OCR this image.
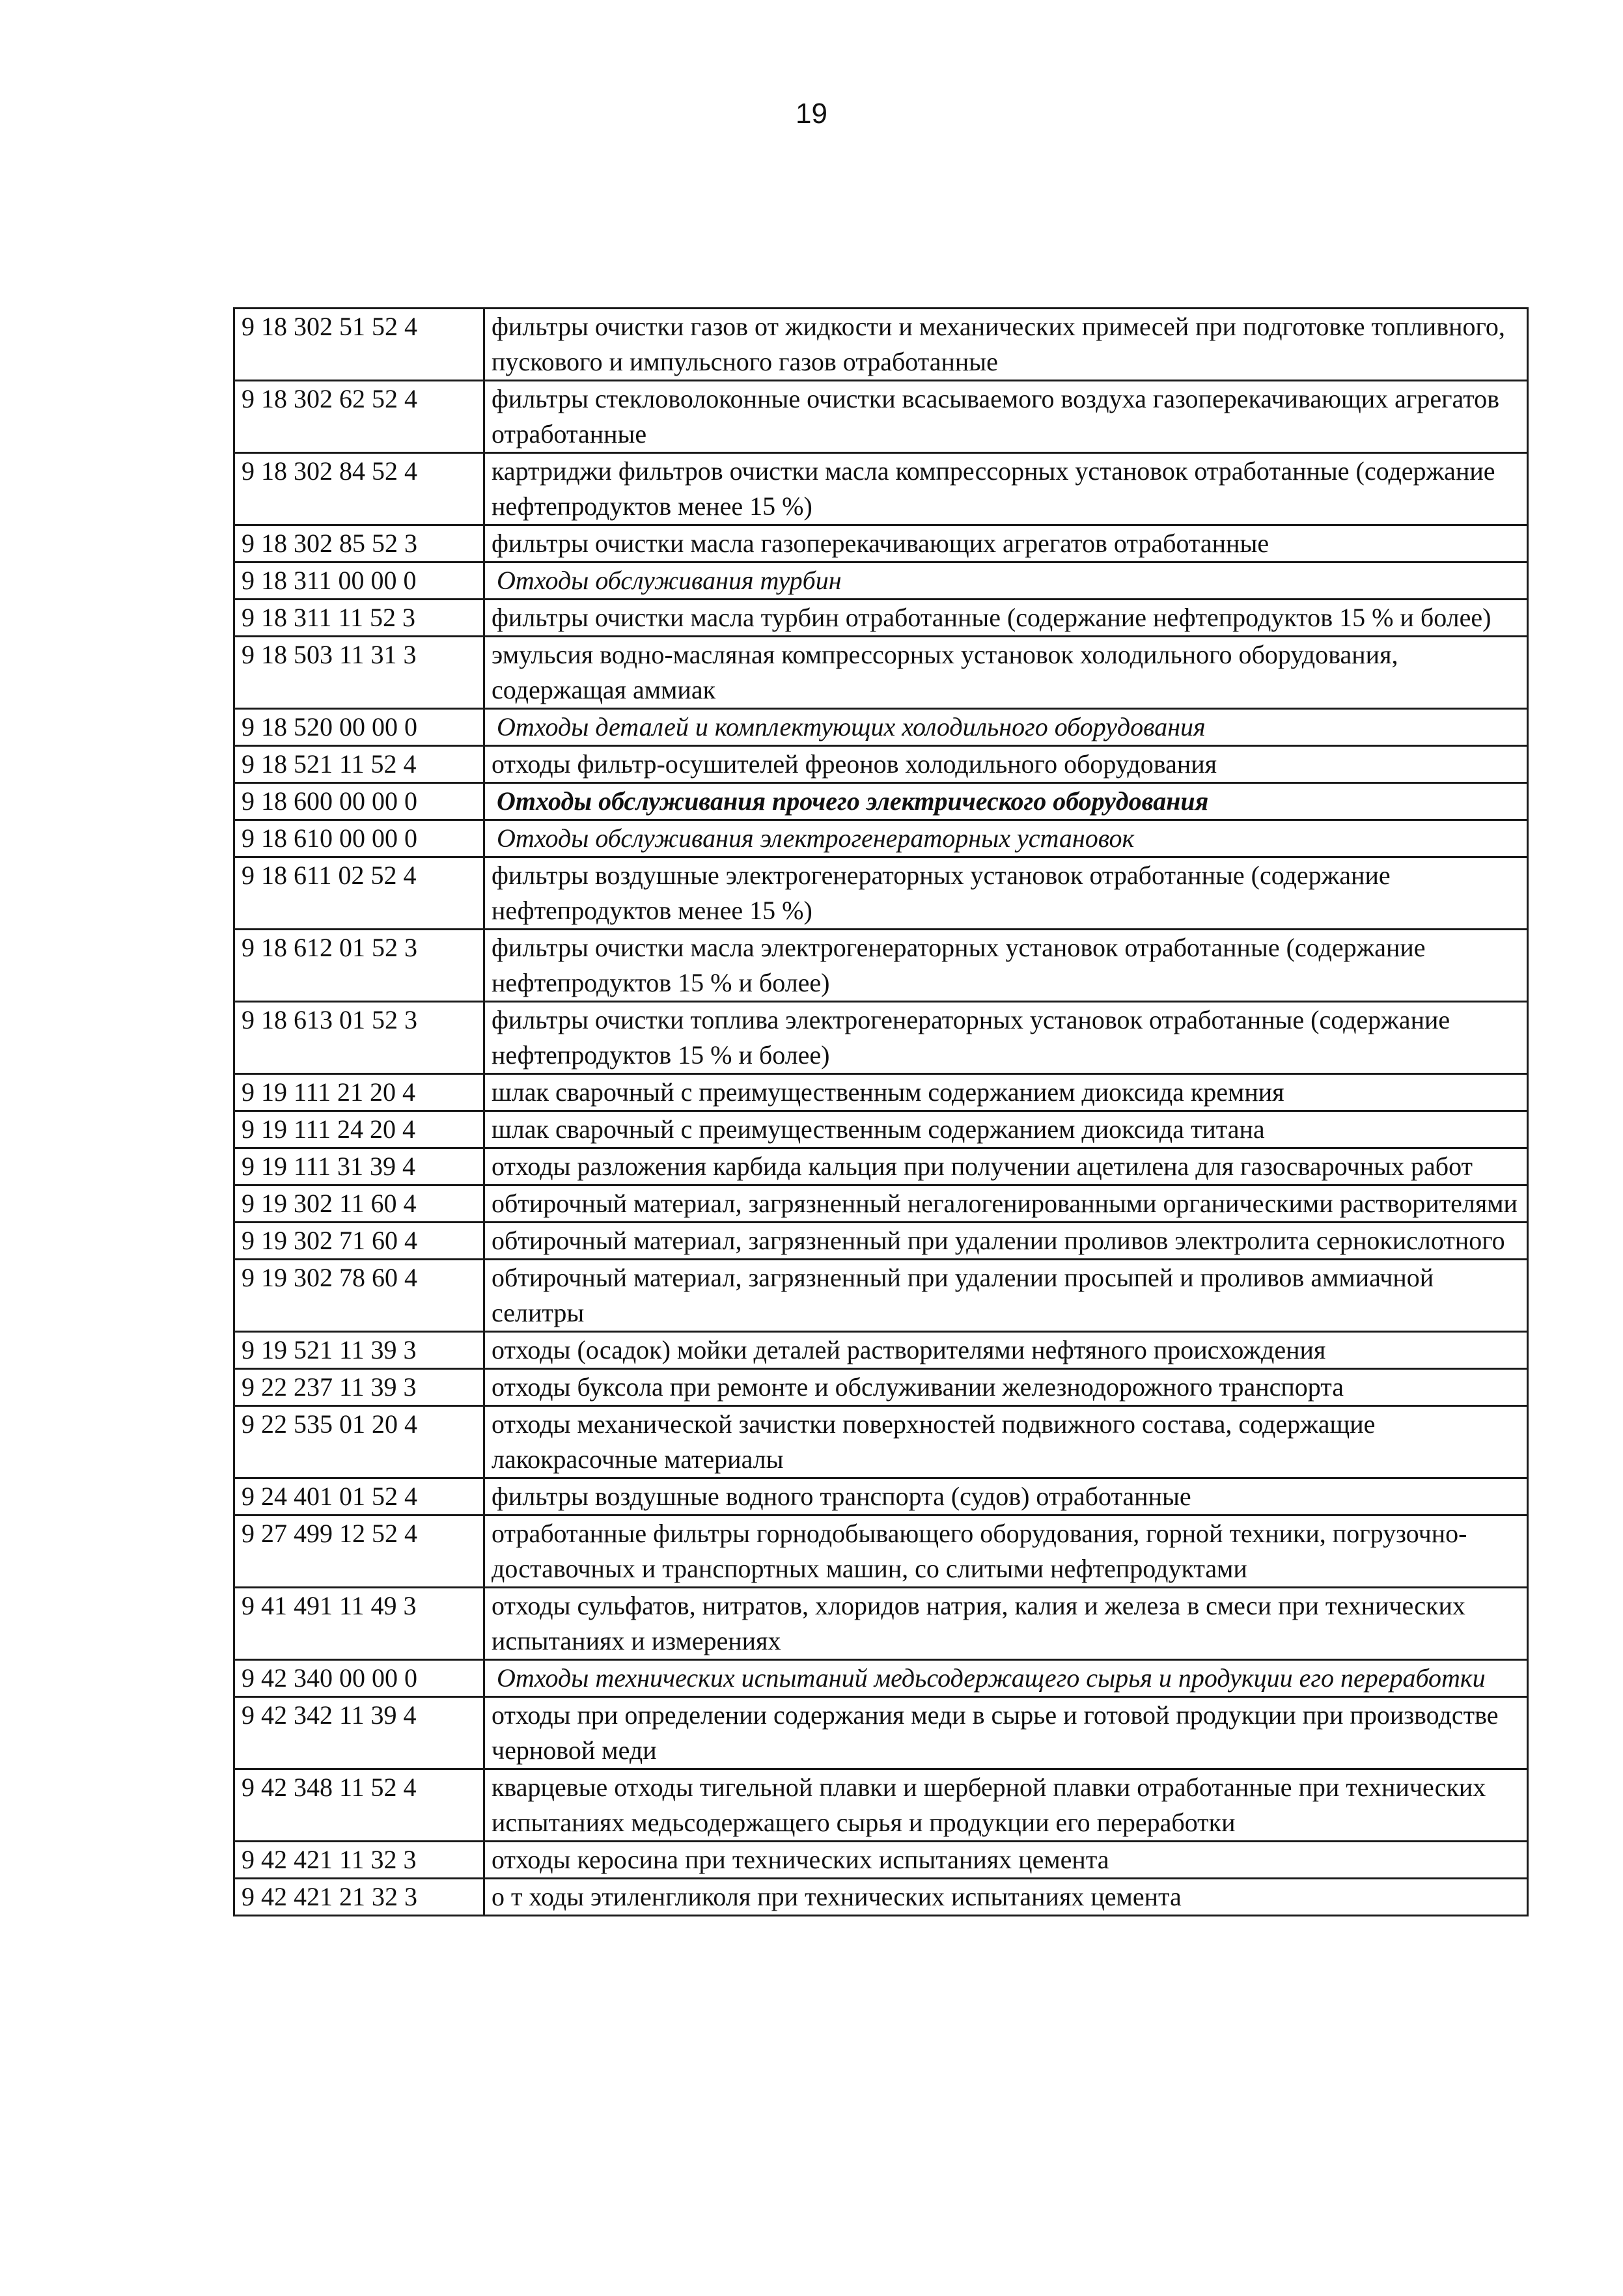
19
9 18 302 51 52 4	фильтры очистки газов от жидкости и механических примесей при подготовке топливного, пускового и импульсного газов отработанные
9 18 302 62 52 4	фильтры стекловолоконные очистки всасываемого воздуха газоперекачивающих агрегатов отработанные
9 18 302 84 52 4	картриджи фильтров очистки масла компрессорных установок отработанные (содержание нефтепродуктов менее 15 %)
9 18 302 85 52 3	фильтры очистки масла газоперекачивающих агрегатов отработанные
9 18 311 00 00 0	Отходы обслуживания турбин
9 18 311 11 52 3	фильтры очистки масла турбин отработанные (содержание нефтепродуктов 15 % и более)
9 18 503 11 31 3	эмульсия водно-масляная компрессорных установок холодильного оборудования, содержащая аммиак
9 18 520 00 00 0	Отходы деталей и комплектующих холодильного оборудования
9 18 521 11 52 4	отходы фильтр-осушителей фреонов холодильного оборудования
9 18 600 00 00 0	Отходы обслуживания прочего электрического оборудования
9 18 610 00 00 0	Отходы обслуживания электрогенераторных установок
9 18 611 02 52 4	фильтры воздушные электрогенераторных установок отработанные (содержание нефтепродуктов менее 15 %)
9 18 612 01 52 3	фильтры очистки масла электрогенераторных установок отработанные (содержание нефтепродуктов 15 % и более)
9 18 613 01 52 3	фильтры очистки топлива электрогенераторных установок отработанные (содержание нефтепродуктов 15 % и более)
9 19 111 21 20 4	шлак сварочный с преимущественным содержанием диоксида кремния
9 19 111 24 20 4	шлак сварочный с преимущественным содержанием диоксида титана
9 19 111 31 39 4	отходы разложения карбида кальция при получении ацетилена для газосварочных работ
9 19 302 11 60 4	обтирочный материал, загрязненный негалогенированными органическими растворителями
9 19 302 71 60 4	обтирочный материал, загрязненный при удалении проливов электролита сернокислотного
9 19 302 78 60 4	обтирочный материал, загрязненный при удалении просыпей и проливов аммиачной селитры
9 19 521 11 39 3	отходы (осадок) мойки деталей растворителями нефтяного происхождения
9 22 237 11 39 3	отходы буксола при ремонте и обслуживании железнодорожного транспорта
9 22 535 01 20 4	отходы механической зачистки поверхностей подвижного состава, содержащие лакокрасочные материалы
9 24 401 01 52 4	фильтры воздушные водного транспорта (судов) отработанные
9 27 499 12 52 4	отработанные фильтры горнодобывающего оборудования, горной техники, погрузочно-доставочных и транспортных машин, со слитыми нефтепродуктами
9 41 491 11 49 3	отходы сульфатов, нитратов, хлоридов натрия, калия и железа в смеси при технических испытаниях и измерениях
9 42 340 00 00 0	Отходы технических испытаний медьсодержащего сырья и продукции его переработки
9 42 342 11 39 4	отходы при определении содержания меди в сырье и готовой продукции при производстве черновой меди
9 42 348 11 52 4	кварцевые отходы тигельной плавки и шерберной плавки отработанные при технических испытаниях медьсодержащего сырья и продукции его переработки
9 42 421 11 32 3	отходы керосина при технических испытаниях цемента
9 42 421 21 32 3	о т ходы этиленгликоля при технических испытаниях цемента
